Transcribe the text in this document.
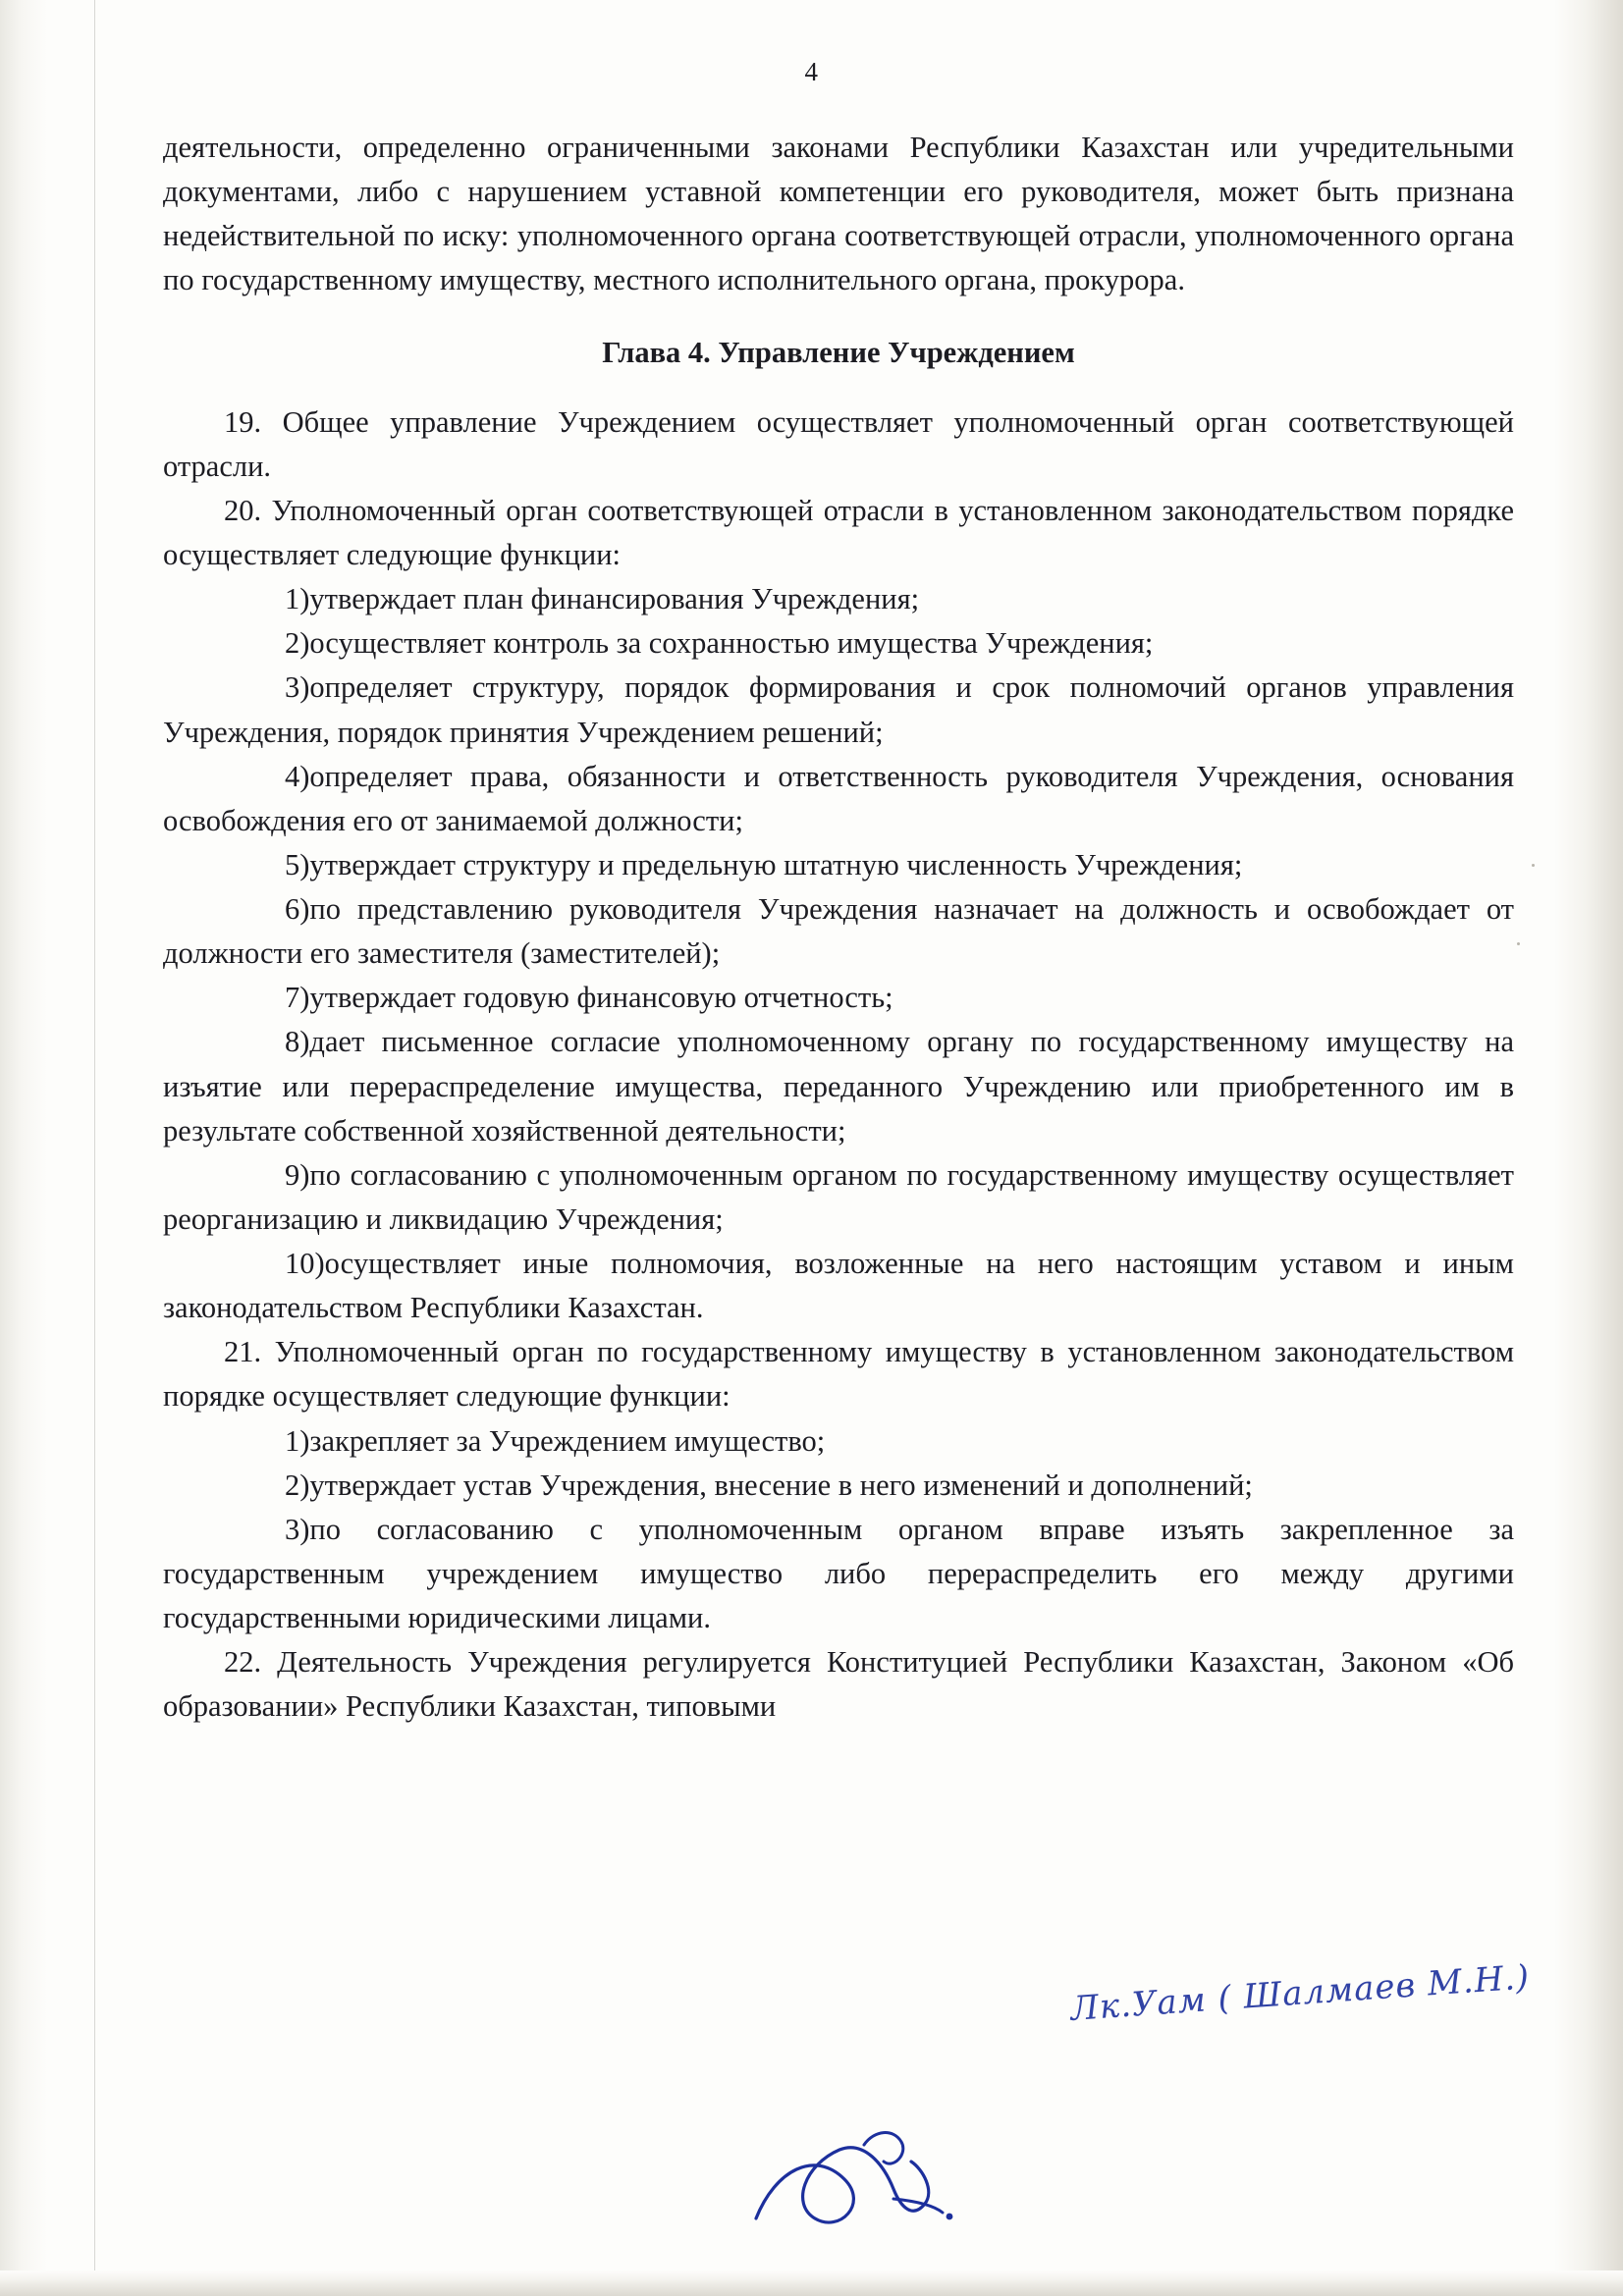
4

деятельности, определенно ограниченными законами Республики Казахстан или учредительными документами, либо с нарушением уставной компетенции его руководителя, может быть признана недействительной по иску: уполномоченного органа соответствующей отрасли, уполномоченного органа по государственному имуществу, местного исполнительного органа, прокурора.

Глава 4. Управление Учреждением

19. Общее управление Учреждением осуществляет уполномоченный орган соответствующей отрасли.

20. Уполномоченный орган соответствующей отрасли в установленном законодательством порядке осуществляет следующие функции:

1)утверждает план финансирования Учреждения;

2)осуществляет контроль за сохранностью имущества Учреждения;

3)определяет структуру, порядок формирования и срок полномочий органов управления Учреждения, порядок принятия Учреждением решений;

4)определяет права, обязанности и ответственность руководителя Учреждения, основания освобождения его от занимаемой должности;

5)утверждает структуру и предельную штатную численность Учреждения;

6)по представлению руководителя Учреждения назначает на должность и освобождает от должности его заместителя (заместителей);

7)утверждает годовую финансовую отчетность;

8)дает письменное согласие уполномоченному органу по государственному имуществу на изъятие или перераспределение имущества, переданного Учреждению или приобретенного им в результате собственной хозяйственной деятельности;

9)по согласованию с уполномоченным органом по государственному имуществу осуществляет реорганизацию и ликвидацию Учреждения;

10)осуществляет иные полномочия, возложенные на него настоящим уставом и иным законодательством Республики Казахстан.

21. Уполномоченный орган по государственному имуществу в установленном законодательством порядке осуществляет следующие функции:

1)закрепляет за Учреждением имущество;

2)утверждает устав Учреждения, внесение в него изменений и дополнений;

3)по согласованию с уполномоченным органом вправе изъять закрепленное за государственным учреждением имущество либо перераспределить его между другими государственными юридическими лицами.

22. Деятельность Учреждения регулируется Конституцией Республики Казахстан, Законом «Об образовании» Республики Казахстан, типовыми

Лк.Уам ( Шалмаев М.Н.)
